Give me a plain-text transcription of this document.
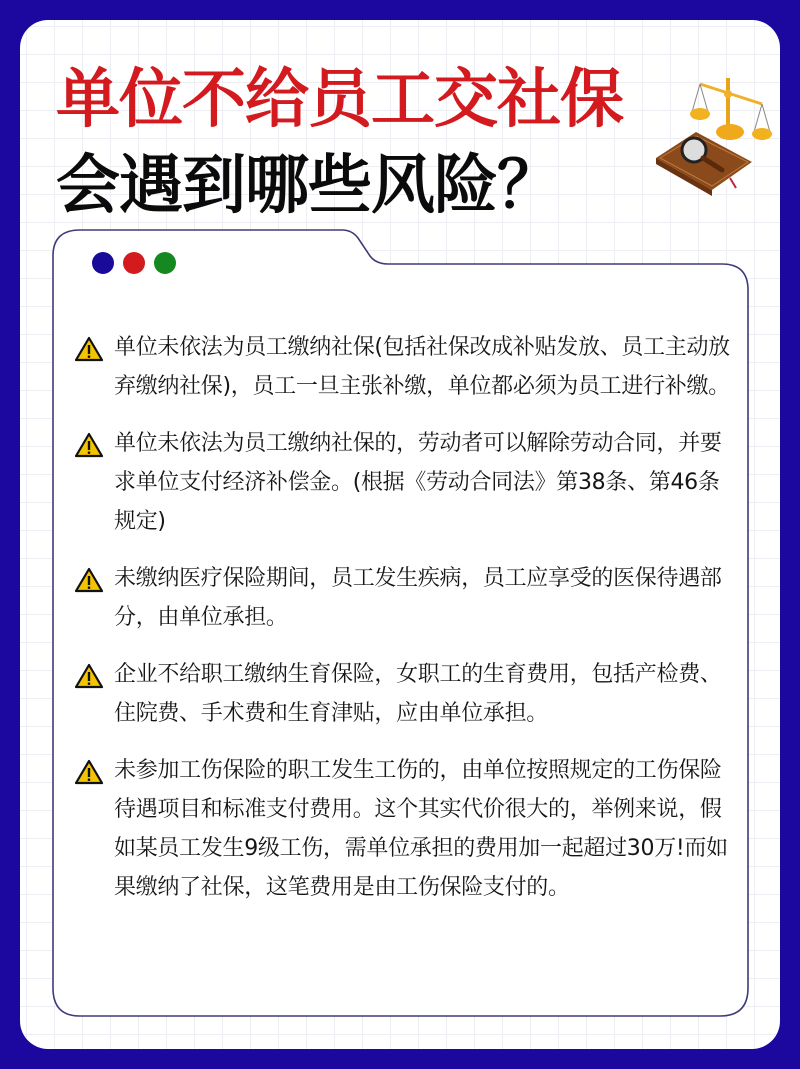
单位不给员工交社保
会遇到哪些风险？
单位未依法为员工缴纳社保(包括社保改成补贴发放、员工主动放弃缴纳社保)，员工一旦主张补缴，单位都必须为员工进行补缴。
单位未依法为员工缴纳社保的，劳动者可以解除劳动合同，并要求单位支付经济补偿金。(根据《劳动合同法》第38条、第46条规定)
未缴纳医疗保险期间，员工发生疾病，员工应享受的医保待遇部分，由单位承担。
企业不给职工缴纳生育保险，女职工的生育费用，包括产检费、住院费、手术费和生育津贴，应由单位承担。
未参加工伤保险的职工发生工伤的，由单位按照规定的工伤保险待遇项目和标准支付费用。这个其实代价很大的，举例来说，假如某员工发生9级工伤，需单位承担的费用加一起超过30万!而如果缴纳了社保，这笔费用是由工伤保险支付的。
